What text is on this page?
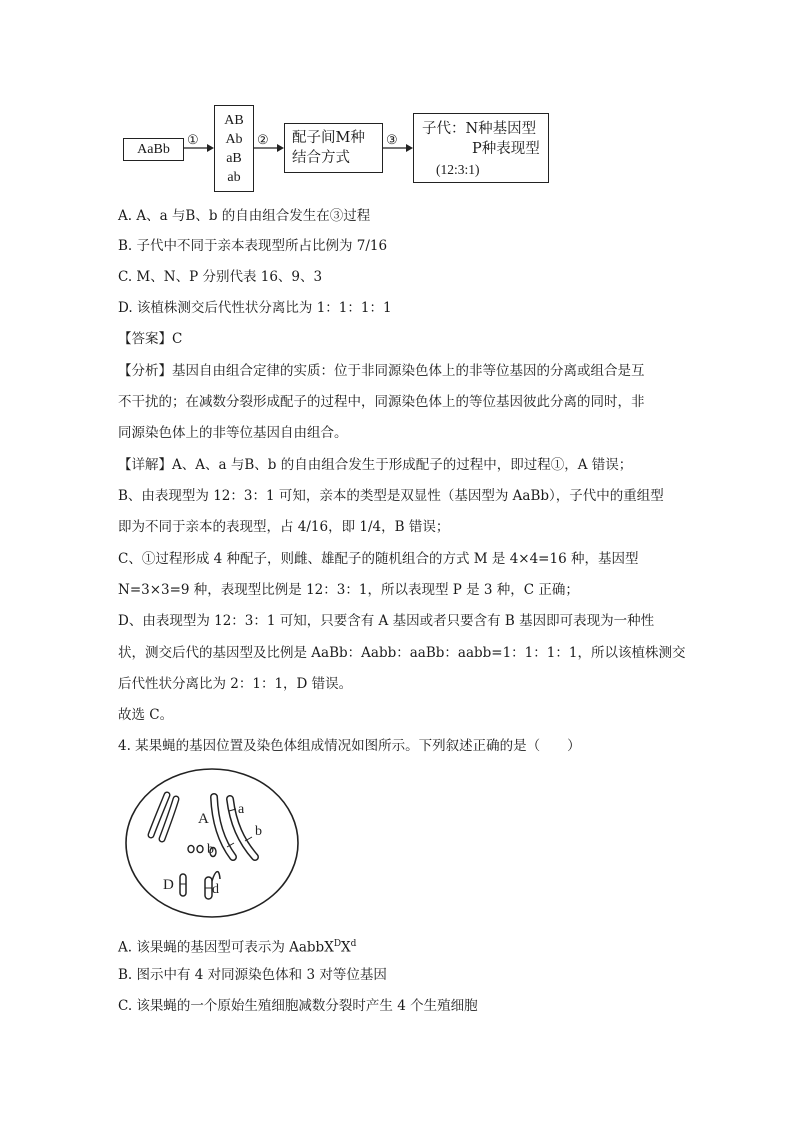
AaBb
①
AB
Ab
aB
ab
② 配子间M种
结合方式
③
子代：N种基因型
P种表现型
(12:3:1)
A. A、a 与B、b 的自由组合发生在③过程
B. 子代中不同于亲本表现型所占比例为 7/16
C. M、N、P 分别代表 16、9、3
D. 该植株测交后代性状分离比为 1：1：1：1
【答案】C
【分析】基因自由组合定律的实质：位于非同源染色体上的非等位基因的分离或组合是互
不干扰的；在减数分裂形成配子的过程中，同源染色体上的等位基因彼此分离的同时，非
同源染色体上的非等位基因自由组合。
【详解】A、A、a 与B、b 的自由组合发生于形成配子的过程中，即过程①，A 错误；
B、由表现型为 12：3：1 可知，亲本的类型是双显性（基因型为 AaBb），子代中的重组型
即为不同于亲本的表现型，占 4/16，即 1/4，B 错误；
C、①过程形成 4 种配子，则雌、雄配子的随机组合的方式 M 是 4×4=16 种，基因型
N=3×3=9 种，表现型比例是 12：3：1，所以表现型 P 是 3 种，C 正确；
D、由表现型为 12：3：1 可知，只要含有 A 基因或者只要含有 B 基因即可表现为一种性
状，测交后代的基因型及比例是 AaBb：Aabb：aaBb：aabb=1：1：1：1，所以该植株测交
后代性状分离比为 2：1：1，D 错误。
故选 C。
4. 某果蝇的基因位置及染色体组成情况如图所示。下列叙述正确的是（　　）
A
a
b
b
D	d
A. 该果蝇的基因型可表示为 $AabbX^DX^d$
B. 图示中有 4 对同源染色体和 3 对等位基因
C. 该果蝇的一个原始生殖细胞减数分裂时产生 4 个生殖细胞
